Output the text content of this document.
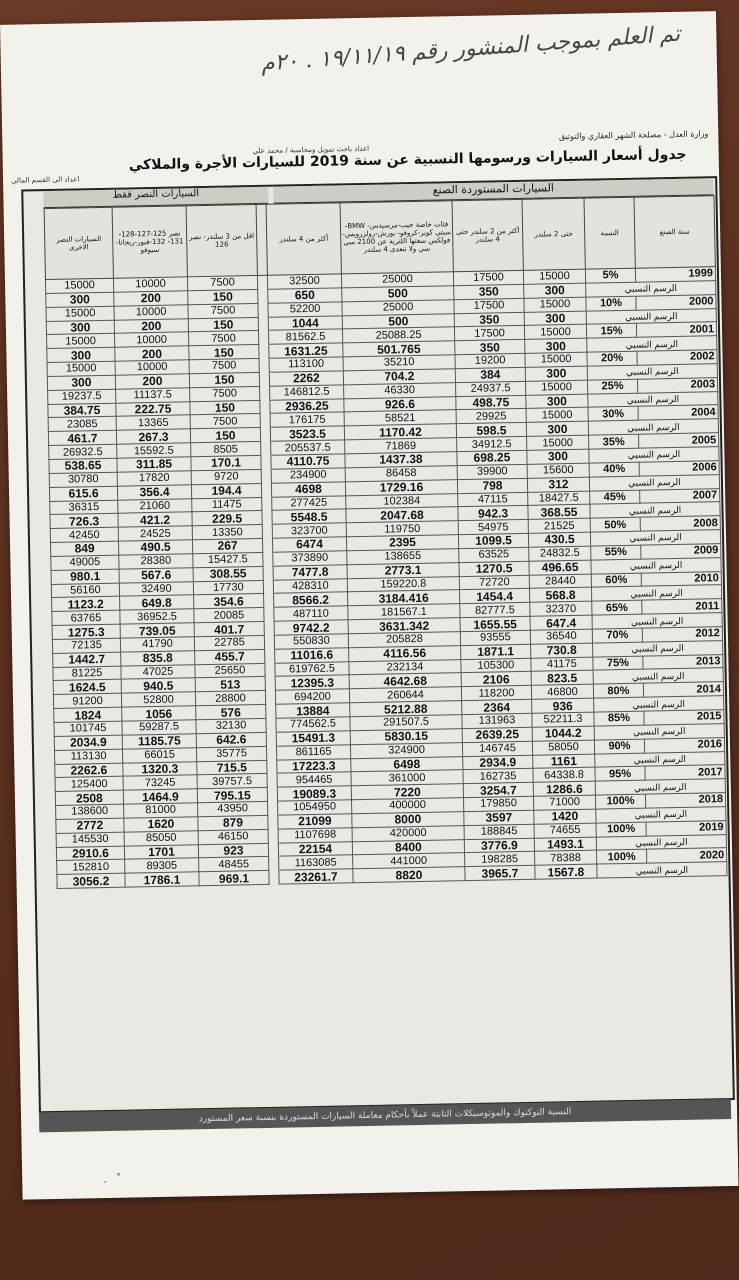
تم العلم بموجب المنشور رقم ١٩/١١/١٩ . ٢٠م
وزارة العدل - مصلحة الشهر العقاري والتوثيق
اعداد باحث تمويل ومحاسبة / محمد علي
اعداد الى القسم المالي
جدول أسعار السيارات ورسومها النسبية عن سنة 2019 للسيارات الأجرة والملاكي
السيارات النصر فقط	السيارات المستوردة الصنع
السيارات النصر الاخرى	نصر 125-127-128-131- 132-فيور-ريجاتا-سيوفو	اقل من 3 سلندر- نصر 126		أكثر من 4 سلندر	فئات خاصة جيب-مرسيدس- BMW-سيتي كوبر-كروفو- بورش-رولزرويس-فولكس سعتها اللترية عن 2100 سي سي ولا تتعدى 4 سلندر	أكثر من 2 سلندر حتى 4 سلندر	حتى 2 سلندر	النسبة	سنة الصنع
15000	10000	7500		32500	25000	17500	15000	5%	1999
300	200	150		650	500	350	300	الرسم النسبي	
15000	10000	7500		52200	25000	17500	15000	10%	2000
300	200	150		1044	500	350	300	الرسم النسبي	
15000	10000	7500		81562.5	25088.25	17500	15000	15%	2001
300	200	150		1631.25	501.765	350	300	الرسم النسبي	
15000	10000	7500		113100	35210	19200	15000	20%	2002
300	200	150		2262	704.2	384	300	الرسم النسبي	
19237.5	11137.5	7500		146812.5	46330	24937.5	15000	25%	2003
384.75	222.75	150		2936.25	926.6	498.75	300	الرسم النسبي	
23085	13365	7500		176175	58521	29925	15000	30%	2004
461.7	267.3	150		3523.5	1170.42	598.5	300	الرسم النسبي	
26932.5	15592.5	8505		205537.5	71869	34912.5	15000	35%	2005
538.65	311.85	170.1		4110.75	1437.38	698.25	300	الرسم النسبي	
30780	17820	9720		234900	86458	39900	15600	40%	2006
615.6	356.4	194.4		4698	1729.16	798	312	الرسم النسبي	
36315	21060	11475		277425	102384	47115	18427.5	45%	2007
726.3	421.2	229.5		5548.5	2047.68	942.3	368.55	الرسم النسبي	
42450	24525	13350		323700	119750	54975	21525	50%	2008
849	490.5	267		6474	2395	1099.5	430.5	الرسم النسبي	
49005	28380	15427.5		373890	138655	63525	24832.5	55%	2009
980.1	567.6	308.55		7477.8	2773.1	1270.5	496.65	الرسم النسبي	
56160	32490	17730		428310	159220.8	72720	28440	60%	2010
1123.2	649.8	354.6		8566.2	3184.416	1454.4	568.8	الرسم النسبي	
63765	36952.5	20085		487110	181567.1	82777.5	32370	65%	2011
1275.3	739.05	401.7		9742.2	3631.342	1655.55	647.4	الرسم النسبي	
72135	41790	22785		550830	205828	93555	36540	70%	2012
1442.7	835.8	455.7		11016.6	4116.56	1871.1	730.8	الرسم النسبي	
81225	47025	25650		619762.5	232134	105300	41175	75%	2013
1624.5	940.5	513		12395.3	4642.68	2106	823.5	الرسم النسبي	
91200	52800	28800		694200	260644	118200	46800	80%	2014
1824	1056	576		13884	5212.88	2364	936	الرسم النسبي	
101745	59287.5	32130		774562.5	291507.5	131963	52211.3	85%	2015
2034.9	1185.75	642.6		15491.3	5830.15	2639.25	1044.2	الرسم النسبي	
113130	66015	35775		861165	324900	146745	58050	90%	2016
2262.6	1320.3	715.5		17223.3	6498	2934.9	1161	الرسم النسبي	
125400	73245	39757.5		954465	361000	162735	64338.8	95%	2017
2508	1464.9	795.15		19089.3	7220	3254.7	1286.6	الرسم النسبي	
138600	81000	43950		1054950	400000	179850	71000	100%	2018
2772	1620	879		21099	8000	3597	1420	الرسم النسبي	
145530	85050	46150		1107698	420000	188845	74655	100%	2019
2910.6	1701	923		22154	8400	3776.9	1493.1	الرسم النسبي	
152810	89305	48455		1163085	441000	198285	78388	100%	2020
3056.2	1786.1	969.1		23261.7	8820	3965.7	1567.8	الرسم النسبي	
النسبة التوكتوك والموتوسيكلات الثابتة عملاً بأحكام معاملة السيارات المستوردة بنسبة سعر المستورد
